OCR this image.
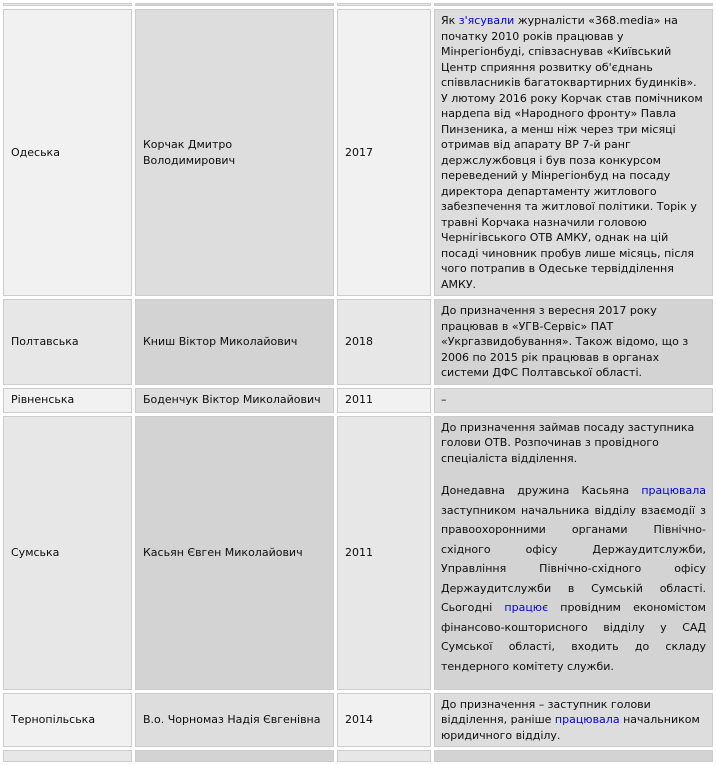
Одеська	Корчак Дмитро Володимирович	2017	Як з'ясували журналісти «368.media» на початку 2010 років працював у Мінрегіонбуді, співзаснував «Київський Центр сприяння розвитку об'єднань співвласників багатоквартирних будинків». У лютому 2016 року Корчак став помічником нардепа від «Народного фронту» Павла Пинзеника, а менш ніж через три місяці отримав від апарату ВР 7-й ранг держслужбовця і був поза конкурсом переведений у Мінрегіонбуд на посаду директора департаменту житлового забезпечення та житлової політики. Торік у травні Корчака назначили головою Чернігівського ОТВ АМКУ, однак на цій посаді чиновник пробув лише місяць, після чого потрапив в Одеське тервідділення АМКУ.

Полтавська	Книш Віктор Миколайович	2018	До призначення з вересня 2017 року працював в «УГВ-Сервіс» ПАТ «Укргазвидобування». Також відомо, що з 2006 по 2015 рік працював в органах системи ДФС Полтавської області.

Рівненська	Боденчук Віктор Миколайович	2011	–

Сумська	Касьян Євген Миколайович	2011	До призначення займав посаду заступника голови ОТВ. Розпочинав з провідного спеціаліста відділення.
Донедавна дружина Касьяна працювала заступником начальника відділу взаємодії з правоохоронними органами Північно-східного офісу Держаудитслужби, Управління Північно-східного офісу Держаудитслужби в Сумській області. Сьогодні працює провідним економістом фінансово-кошторисного відділу у САД Сумської області, входить до складу тендерного комітету служби.

Тернопільська	В.о. Чорномаз Надія Євгенівна	2014	До призначення – заступник голови відділення, раніше працювала начальником юридичного відділу.
